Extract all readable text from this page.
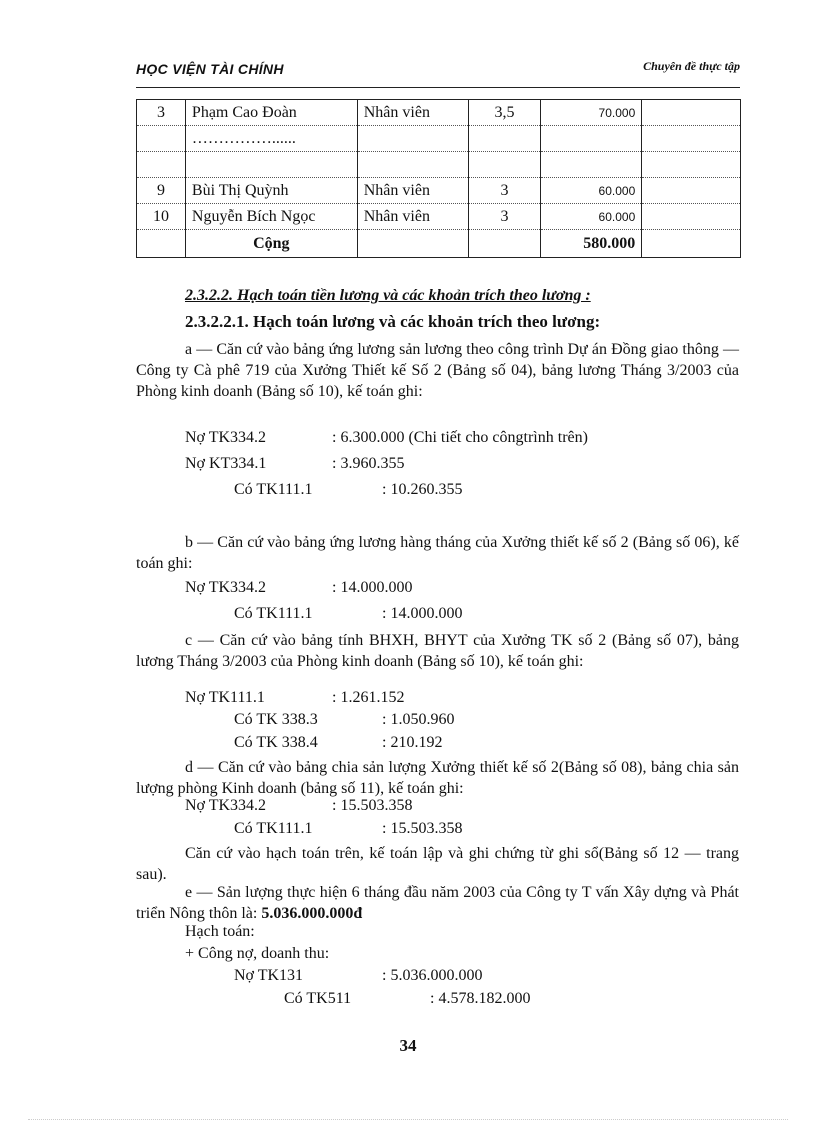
HỌC VIỆN TÀI CHÍNH	Chuyên đề thực tập
3	Phạm Cao Đoàn	Nhân viên	3,5	70.000	
	……………......				

9	Bùi Thị Quỳnh	Nhân viên	3	60.000	
10	Nguyễn Bích Ngọc	Nhân viên	3	60.000	
	Cộng			580.000	
2.3.2.2. Hạch toán tiền lương và các khoản trích theo lương :
2.3.2.2.1. Hạch toán lương và các khoản trích theo lương:
a — Căn cứ vào bảng ứng lương sản lương theo công trình Dự án Đồng giao thông — Công ty Cà phê 719 của Xưởng Thiết kế Số 2 (Bảng số 04), bảng lương Tháng 3/2003 của Phòng kinh doanh (Bảng số 10), kế toán ghi:
Nợ TK334.2	: 6.300.000 (Chi tiết cho côngtrình trên)
Nợ KT334.1	: 3.960.355
Có TK111.1	: 10.260.355
b — Căn cứ vào bảng ứng lương hàng tháng của Xưởng thiết kế số 2 (Bảng số 06), kế toán ghi:
Nợ TK334.2	: 14.000.000
Có TK111.1	: 14.000.000
c — Căn cứ vào bảng tính BHXH, BHYT của Xưởng TK số 2 (Bảng số 07), bảng lương Tháng 3/2003 của Phòng kinh doanh (Bảng số 10), kế toán ghi:
Nợ TK111.1	: 1.261.152
Có TK 338.3	: 1.050.960
Có TK 338.4	: 210.192
d — Căn cứ vào bảng chia sản lượng Xưởng thiết kế số 2(Bảng số 08), bảng chia sản lượng phòng Kinh doanh (bảng số 11), kế toán ghi:
Nợ TK334.2	: 15.503.358
Có TK111.1	: 15.503.358
Căn cứ vào hạch toán trên, kế toán lập và ghi chứng từ ghi sổ(Bảng số 12 — trang sau).
e — Sản lượng thực hiện 6 tháng đầu năm 2003 của Công ty T vấn Xây dựng và Phát triển Nông thôn là: 5.036.000.000đ
Hạch toán:
+ Công nợ, doanh thu:
Nợ TK131	: 5.036.000.000
Có TK511	: 4.578.182.000
34
